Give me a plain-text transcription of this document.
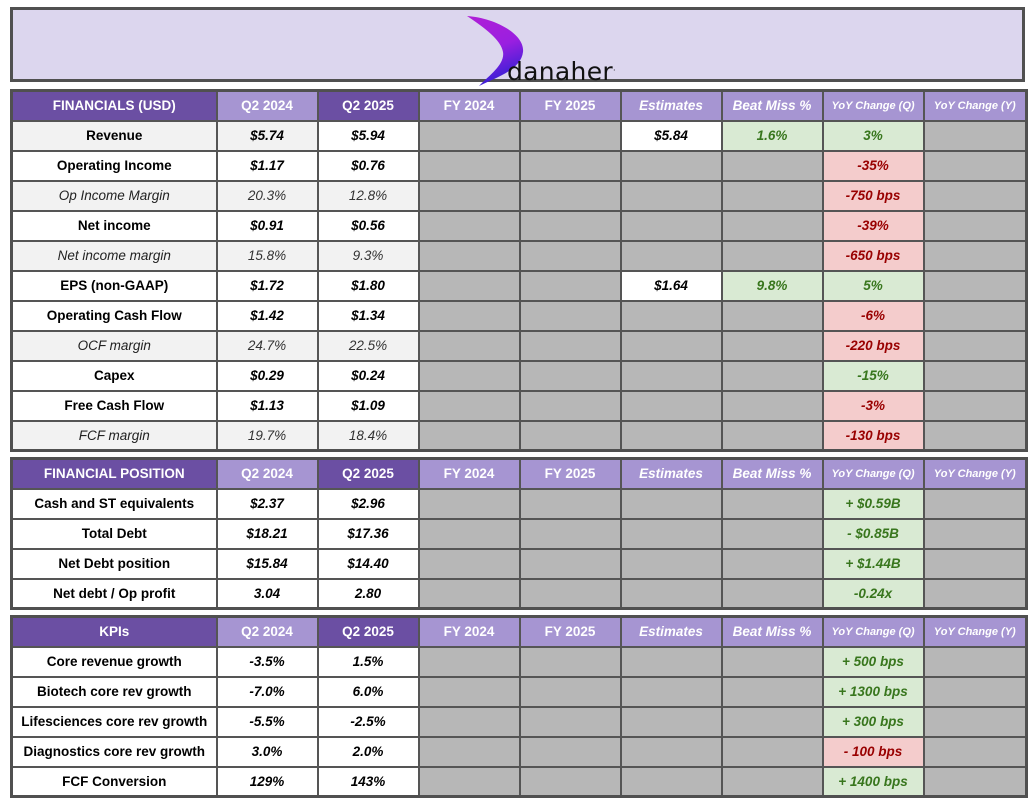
danaher.
FINANCIALS (USD)	Q2 2024	Q2 2025	FY 2024	FY 2025	Estimates	Beat Miss %	YoY Change (Q)	YoY Change (Y)
Revenue	$5.74	$5.94			$5.84	1.6%	3%	
Operating Income	$1.17	$0.76					-35%	
Op Income Margin	20.3%	12.8%					-750 bps	
Net income	$0.91	$0.56					-39%	
Net income margin	15.8%	9.3%					-650 bps	
EPS (non-GAAP)	$1.72	$1.80			$1.64	9.8%	5%	
Operating Cash Flow	$1.42	$1.34					-6%	
OCF margin	24.7%	22.5%					-220 bps	
Capex	$0.29	$0.24					-15%	
Free Cash Flow	$1.13	$1.09					-3%	
FCF margin	19.7%	18.4%					-130 bps	
FINANCIAL POSITION	Q2 2024	Q2 2025	FY 2024	FY 2025	Estimates	Beat Miss %	YoY Change (Q)	YoY Change (Y)
Cash and ST equivalents	$2.37	$2.96					+ $0.59B	
Total Debt	$18.21	$17.36					- $0.85B	
Net Debt position	$15.84	$14.40					+ $1.44B	
Net debt / Op profit	3.04	2.80					-0.24x	
KPIs	Q2 2024	Q2 2025	FY 2024	FY 2025	Estimates	Beat Miss %	YoY Change (Q)	YoY Change (Y)
Core revenue growth	-3.5%	1.5%					+ 500 bps	
Biotech core rev growth	-7.0%	6.0%					+ 1300 bps	
Lifesciences core rev growth	-5.5%	-2.5%					+ 300 bps	
Diagnostics core rev growth	3.0%	2.0%					- 100 bps	
FCF Conversion	129%	143%					+ 1400 bps	
